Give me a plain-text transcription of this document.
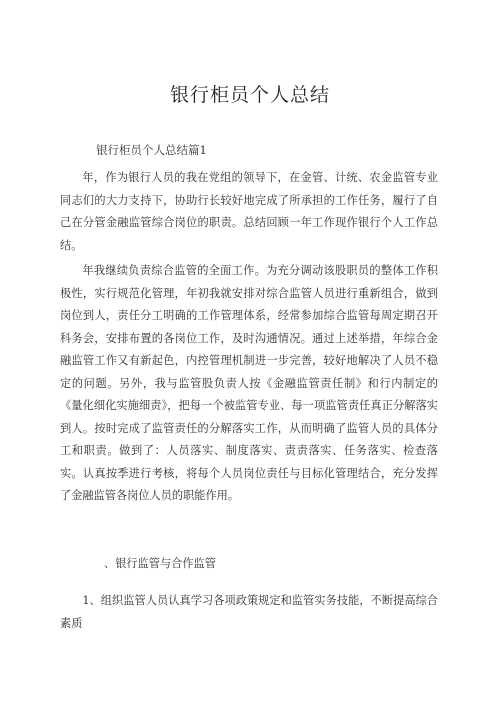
银行柜员个人总结
银行柜员个人总结篇1
年，作为银行人员的我在党组的领导下，在金管、计统、农金监管专业同志们的大力支持下，协助行长较好地完成了所承担的工作任务，履行了自己在分管金融监管综合岗位的职责。总结回顾一年工作现作银行个人工作总结。
年我继续负责综合监管的全面工作。为充分调动该股职员的整体工作积极性，实行规范化管理，年初我就安排对综合监管人员进行重新组合，做到岗位到人，责任分工明确的工作管理体系，经常参加综合监管每周定期召开科务会，安排布置的各岗位工作，及时沟通情况。通过上述举措，年综合金融监管工作又有新起色，内控管理机制进一步完善，较好地解决了人员不稳定的问题。另外，我与监管股负责人按《金融监管责任制》和行内制定的《量化细化实施细责》，把每一个被监管专业、每一项监管责任真正分解落实到人。按时完成了监管责任的分解落实工作，从而明确了监管人员的具体分工和职责。做到了：人员落实、制度落实、责责落实、任务落实、检查落实。认真按季进行考核，将每个人员岗位责任与目标化管理结合，充分发挥了金融监管各岗位人员的职能作用。
、银行监管与合作监管
1、组织监管人员认真学习各项政策规定和监管实务技能，不断提高综合素质
